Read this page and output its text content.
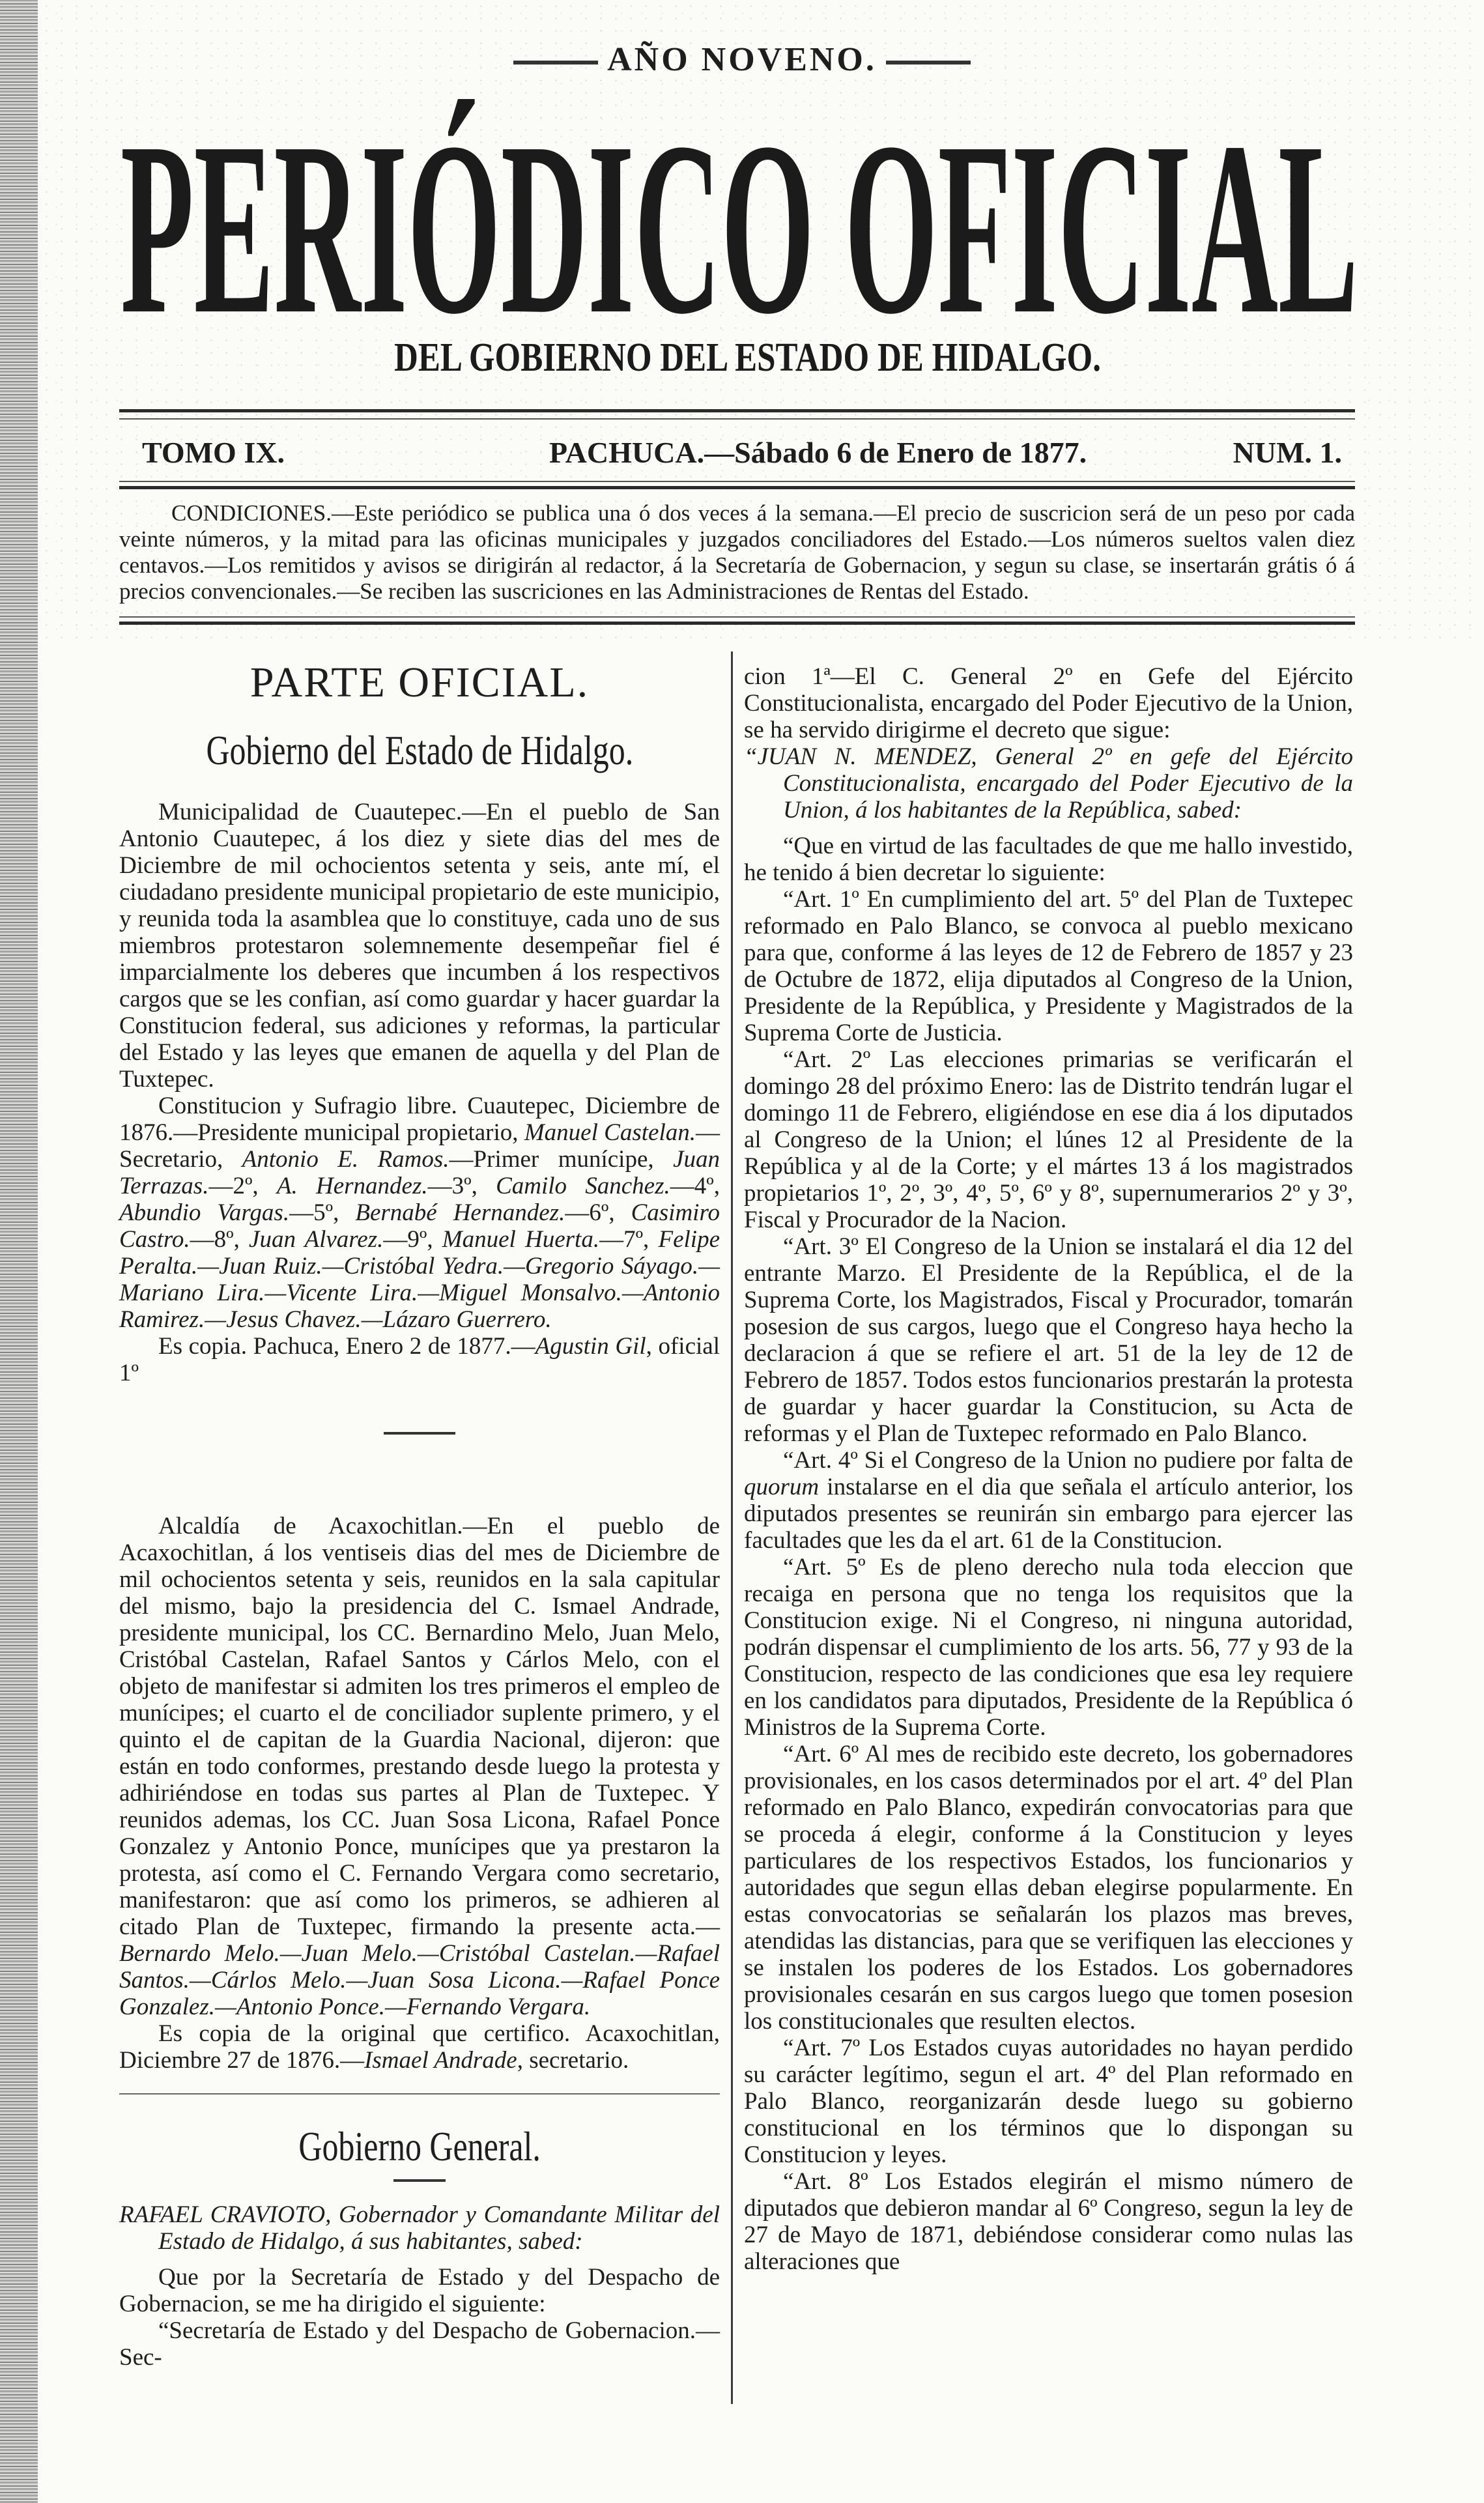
AÑO NOVENO.
PERIÓDICO OFICIAL
DEL GOBIERNO DEL ESTADO DE HIDALGO.
TOMO IX.	PACHUCA.—Sábado 6 de Enero de 1877.	NUM. 1.
CONDICIONES.—Este periódico se publica una ó dos veces á la semana.—El precio de suscricion será de un peso por cada veinte números, y la mitad para las oficinas municipales y juzgados conciliadores del Estado.—Los números sueltos valen diez centavos.—Los remitidos y avisos se dirigirán al redactor, á la Secretaría de Gobernacion, y segun su clase, se insertarán grátis ó á precios convencionales.—Se reciben las suscriciones en las Administraciones de Rentas del Estado.
PARTE OFICIAL.
Gobierno del Estado de Hidalgo.

Municipalidad de Cuautepec.—En el pueblo de San Antonio Cuautepec, á los diez y siete dias del mes de Diciembre de mil ochocientos setenta y seis, ante mí, el ciudadano presidente municipal propietario de este municipio, y reunida toda la asamblea que lo constituye, cada uno de sus miembros protestaron solemnemente desempeñar fiel é imparcialmente los deberes que incumben á los respectivos cargos que se les confian, así como guardar y hacer guardar la Constitucion federal, sus adiciones y reformas, la particular del Estado y las leyes que emanen de aquella y del Plan de Tuxtepec.

Constitucion y Sufragio libre. Cuautepec, Diciembre de 1876.—Presidente municipal propietario, Manuel Castelan.—Secretario, Antonio E. Ramos.—Primer munícipe, Juan Terrazas.—2º, A. Hernandez.—3º, Camilo Sanchez.—4º, Abundio Vargas.—5º, Bernabé Hernandez.—6º, Casimiro Castro.—8º, Juan Alvarez.—9º, Manuel Huerta.—7º, Felipe Peralta.—Juan Ruiz.—Cristóbal Yedra.—Gregorio Sáyago.—Mariano Lira.—Vicente Lira.—Miguel Monsalvo.—Antonio Ramirez.—Jesus Chavez.—Lázaro Guerrero.

Es copia. Pachuca, Enero 2 de 1877.—Agustin Gil, oficial 1º

Alcaldía de Acaxochitlan.—En el pueblo de Acaxochitlan, á los ventiseis dias del mes de Diciembre de mil ochocientos setenta y seis, reunidos en la sala capitular del mismo, bajo la presidencia del C. Ismael Andrade, presidente municipal, los CC. Bernardino Melo, Juan Melo, Cristóbal Castelan, Rafael Santos y Cárlos Melo, con el objeto de manifestar si admiten los tres primeros el empleo de munícipes; el cuarto el de conciliador suplente primero, y el quinto el de capitan de la Guardia Nacional, dijeron: que están en todo conformes, prestando desde luego la protesta y adhiriéndose en todas sus partes al Plan de Tuxtepec. Y reunidos ademas, los CC. Juan Sosa Licona, Rafael Ponce Gonzalez y Antonio Ponce, munícipes que ya prestaron la protesta, así como el C. Fernando Vergara como secretario, manifestaron: que así como los primeros, se adhieren al citado Plan de Tuxtepec, firmando la presente acta.—Bernardo Melo.—Juan Melo.—Cristóbal Castelan.—Rafael Santos.—Cárlos Melo.—Juan Sosa Licona.—Rafael Ponce Gonzalez.—Antonio Ponce.—Fernando Vergara.

Es copia de la original que certifico. Acaxochitlan, Diciembre 27 de 1876.—Ismael Andrade, secretario.

Gobierno General.

RAFAEL CRAVIOTO, Gobernador y Comandante Militar del Estado de Hidalgo, á sus habitantes, sabed:

Que por la Secretaría de Estado y del Despacho de Gobernacion, se me ha dirigido el siguiente:

“Secretaría de Estado y del Despacho de Gobernacion.—Sec-

cion 1ª—El C. General 2º en Gefe del Ejército Constitucionalista, encargado del Poder Ejecutivo de la Union, se ha servido dirigirme el decreto que sigue:

“JUAN N. MENDEZ, General 2º en gefe del Ejército Constitucionalista, encargado del Poder Ejecutivo de la Union, á los habitantes de la República, sabed:

“Que en virtud de las facultades de que me hallo investido, he tenido á bien decretar lo siguiente:

“Art. 1º En cumplimiento del art. 5º del Plan de Tuxtepec reformado en Palo Blanco, se convoca al pueblo mexicano para que, conforme á las leyes de 12 de Febrero de 1857 y 23 de Octubre de 1872, elija diputados al Congreso de la Union, Presidente de la República, y Presidente y Magistrados de la Suprema Corte de Justicia.

“Art. 2º Las elecciones primarias se verificarán el domingo 28 del próximo Enero: las de Distrito tendrán lugar el domingo 11 de Febrero, eligiéndose en ese dia á los diputados al Congreso de la Union; el lúnes 12 al Presidente de la República y al de la Corte; y el mártes 13 á los magistrados propietarios 1º, 2º, 3º, 4º, 5º, 6º y 8º, supernumerarios 2º y 3º, Fiscal y Procurador de la Nacion.

“Art. 3º El Congreso de la Union se instalará el dia 12 del entrante Marzo. El Presidente de la República, el de la Suprema Corte, los Magistrados, Fiscal y Procurador, tomarán posesion de sus cargos, luego que el Congreso haya hecho la declaracion á que se refiere el art. 51 de la ley de 12 de Febrero de 1857. Todos estos funcionarios prestarán la protesta de guardar y hacer guardar la Constitucion, su Acta de reformas y el Plan de Tuxtepec reformado en Palo Blanco.

“Art. 4º Si el Congreso de la Union no pudiere por falta de quorum instalarse en el dia que señala el artículo anterior, los diputados presentes se reunirán sin embargo para ejercer las facultades que les da el art. 61 de la Constitucion.

“Art. 5º Es de pleno derecho nula toda eleccion que recaiga en persona que no tenga los requisitos que la Constitucion exige. Ni el Congreso, ni ninguna autoridad, podrán dispensar el cumplimiento de los arts. 56, 77 y 93 de la Constitucion, respecto de las condiciones que esa ley requiere en los candidatos para diputados, Presidente de la República ó Ministros de la Suprema Corte.

“Art. 6º Al mes de recibido este decreto, los gobernadores provisionales, en los casos determinados por el art. 4º del Plan reformado en Palo Blanco, expedirán convocatorias para que se proceda á elegir, conforme á la Constitucion y leyes particulares de los respectivos Estados, los funcionarios y autoridades que segun ellas deban elegirse popularmente. En estas convocatorias se señalarán los plazos mas breves, atendidas las distancias, para que se verifiquen las elecciones y se instalen los poderes de los Estados. Los gobernadores provisionales cesarán en sus cargos luego que tomen posesion los constitucionales que resulten electos.

“Art. 7º Los Estados cuyas autoridades no hayan perdido su carácter legítimo, segun el art. 4º del Plan reformado en Palo Blanco, reorganizarán desde luego su gobierno constitucional en los términos que lo dispongan su Constitucion y leyes.

“Art. 8º Los Estados elegirán el mismo número de diputados que debieron mandar al 6º Congreso, segun la ley de 27 de Mayo de 1871, debiéndose considerar como nulas las alteraciones que
